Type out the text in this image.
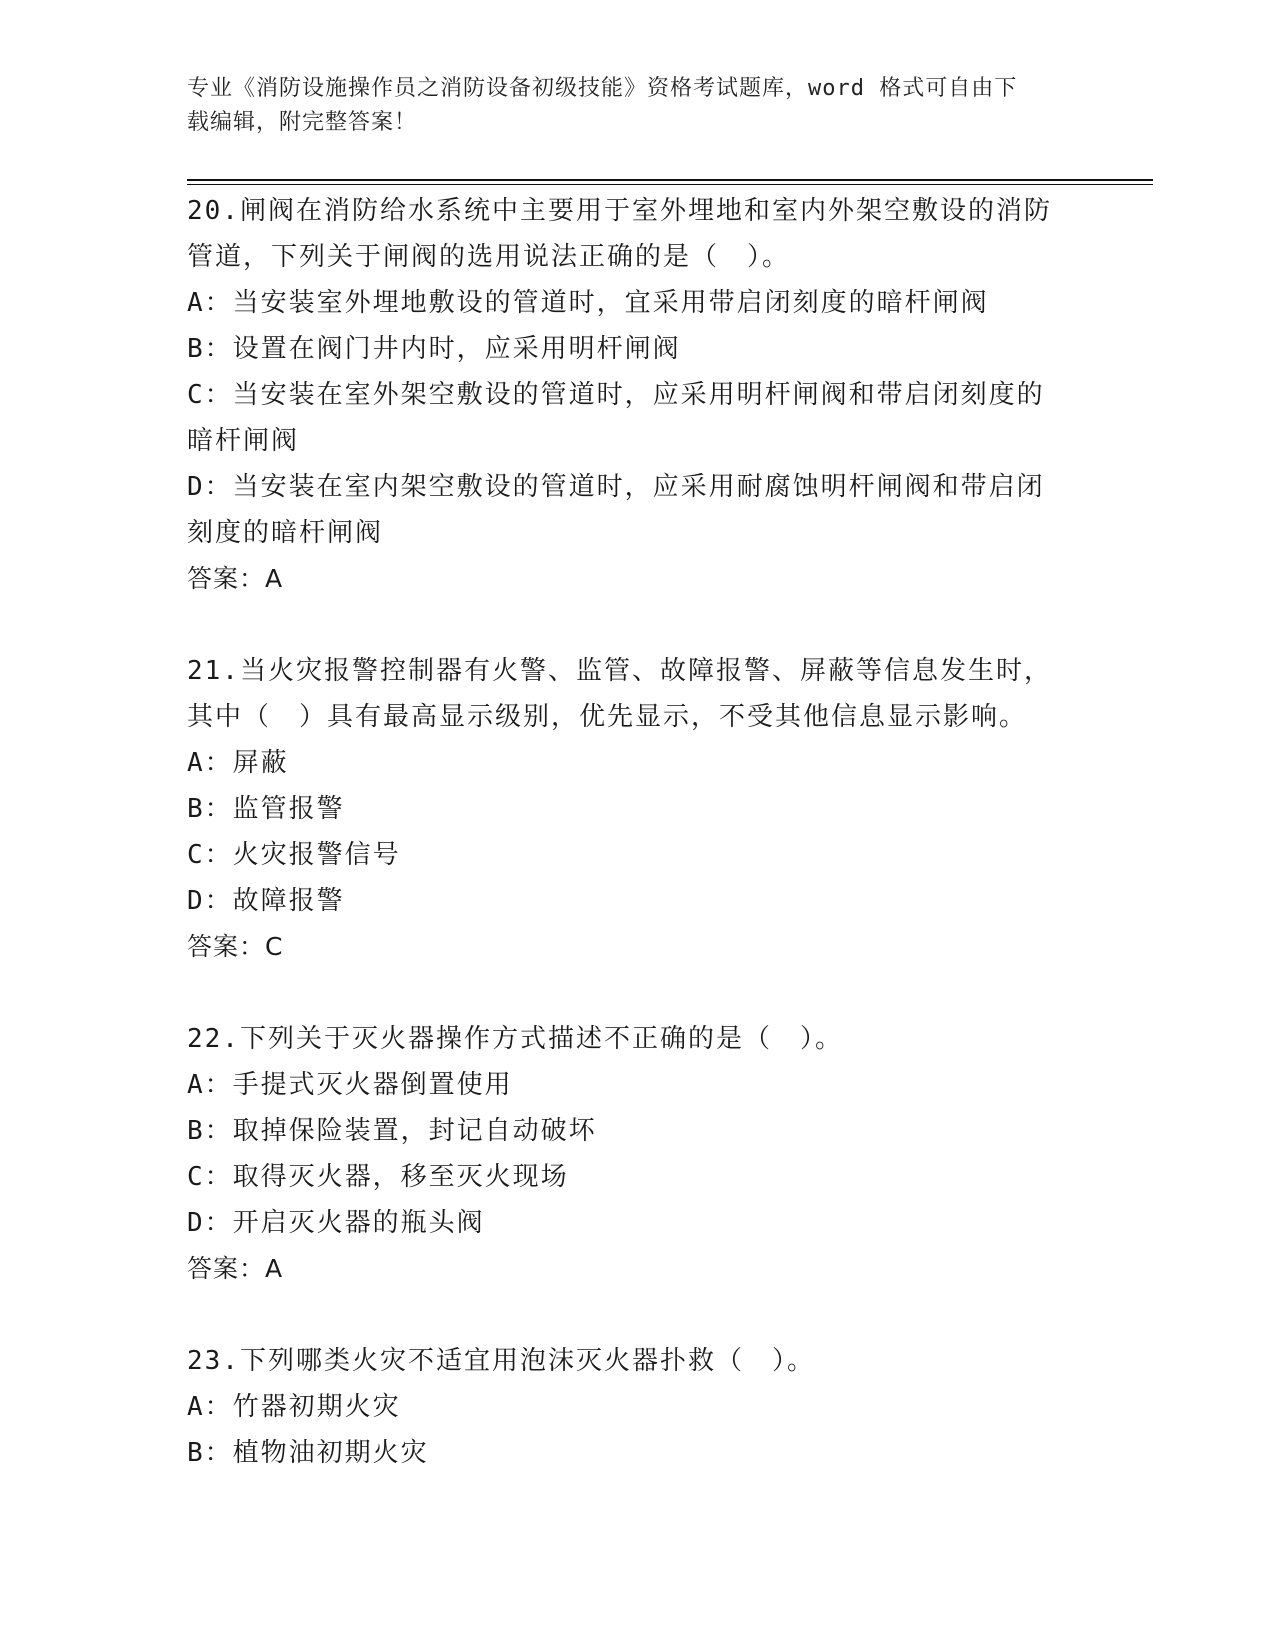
专业《消防设施操作员之消防设备初级技能》资格考试题库，word 格式可自由下
载编辑，附完整答案！
20.闸阀在消防给水系统中主要用于室外埋地和室内外架空敷设的消防
管道，下列关于闸阀的选用说法正确的是（　）。
A：当安装室外埋地敷设的管道时，宜采用带启闭刻度的暗杆闸阀
B：设置在阀门井内时，应采用明杆闸阀
C：当安装在室外架空敷设的管道时，应采用明杆闸阀和带启闭刻度的
暗杆闸阀
D：当安装在室内架空敷设的管道时，应采用耐腐蚀明杆闸阀和带启闭
刻度的暗杆闸阀
答案：A
21.当火灾报警控制器有火警、监管、故障报警、屏蔽等信息发生时，
其中（　）具有最高显示级别，优先显示，不受其他信息显示影响。
A：屏蔽
B：监管报警
C：火灾报警信号
D：故障报警
答案：C
22.下列关于灭火器操作方式描述不正确的是（　）。
A：手提式灭火器倒置使用
B：取掉保险装置，封记自动破坏
C：取得灭火器，移至灭火现场
D：开启灭火器的瓶头阀
答案：A
23.下列哪类火灾不适宜用泡沫灭火器扑救（　）。
A：竹器初期火灾
B：植物油初期火灾
